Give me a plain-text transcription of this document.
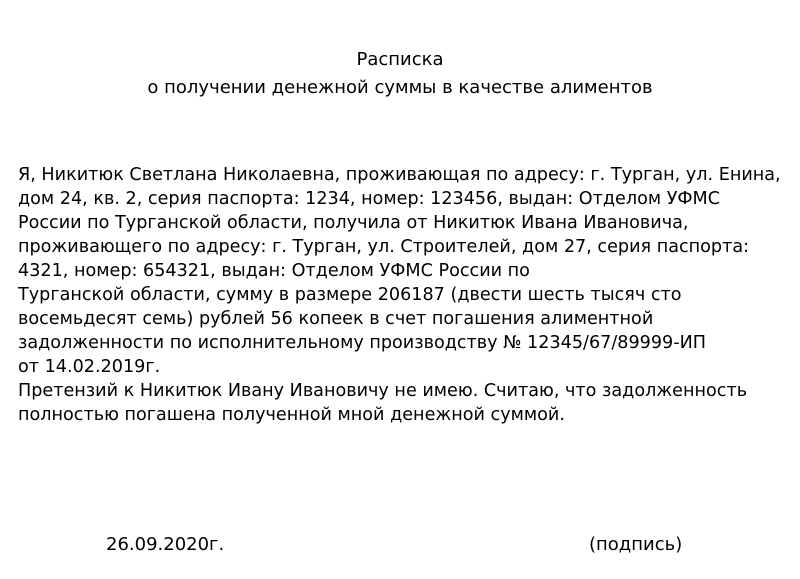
Расписка
о получении денежной суммы в качестве алиментов
Я, Никитюк Светлана Николаевна, проживающая по адресу: г. Турган, ул. Енина,
дом 24, кв. 2, серия паспорта: 1234, номер: 123456, выдан: Отделом УФМС
России по Турганской области, получила от Никитюк Ивана Ивановича,
проживающего по адресу: г. Турган, ул. Строителей, дом 27, серия паспорта:
4321, номер: 654321, выдан: Отделом УФМС России по
Турганской области, сумму в размере 206187 (двести шесть тысяч сто
восемьдесят семь) рублей 56 копеек в счет погашения алиментной
задолженности по исполнительному производству № 12345/67/89999-ИП
от 14.02.2019г.
Претензий к Никитюк Ивану Ивановичу не имею. Считаю, что задолженность
полностью погашена полученной мной денежной суммой.
26.09.2020г.	(подпись)
